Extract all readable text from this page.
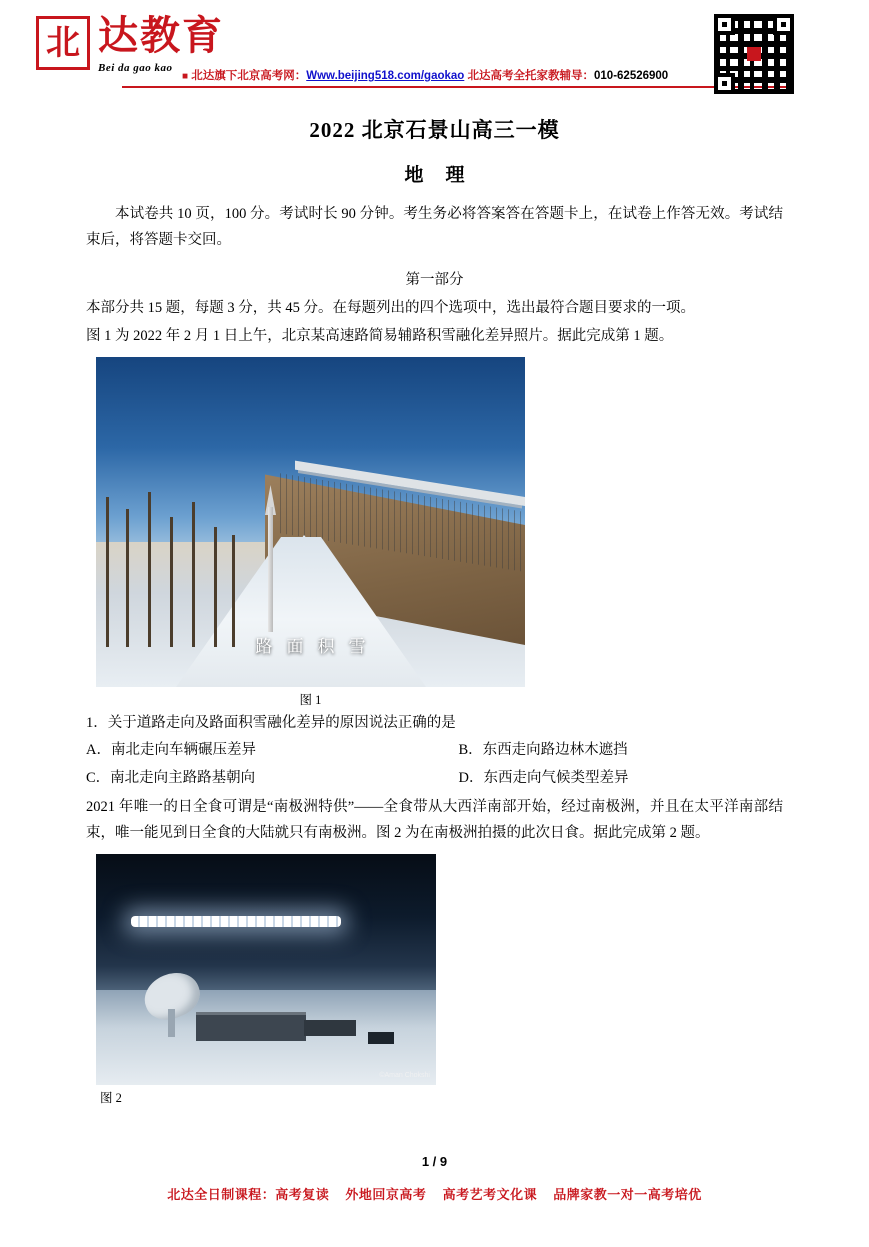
北 达教育
Bei da gao kao
■ 北达旗下北京高考网：Www.beijing518.com/gaokao 北达高考全托家教辅导：010-62526900
2022 北京石景山高三一模
地理
本试卷共 10 页，100 分。考试时长 90 分钟。考生务必将答案答在答题卡上，在试卷上作答无效。考试结束后，将答题卡交回。
第一部分
本部分共 15 题，每题 3 分，共 45 分。在每题列出的四个选项中，选出最符合题目要求的一项。
图 1 为 2022 年 2 月 1 日上午，北京某高速路简易辅路积雪融化差异照片。据此完成第 1 题。
路面积雪
图 1
1．关于道路走向及路面积雪融化差异的原因说法正确的是
A．南北走向车辆碾压差异	B．东西走向路边林木遮挡
C．南北走向主路路基朝向	D．东西走向气候类型差异
2021 年唯一的日全食可谓是“南极洲特供”——全食带从大西洋南部开始，经过南极洲，并且在太平洋南部结束，唯一能见到日全食的大陆就只有南极洲。图 2 为在南极洲拍摄的此次日食。据此完成第 2 题。
©Aman Chokshi
图 2
1 / 9
北达全日制课程：高考复读 外地回京高考 高考艺考文化课 品牌家教一对一高考培优
